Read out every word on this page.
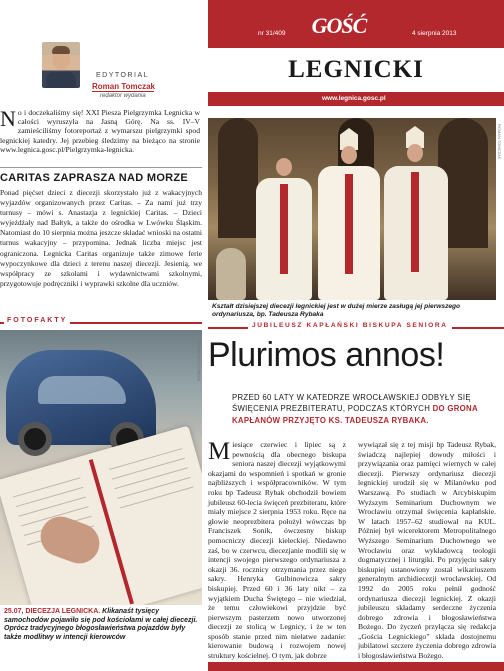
EDYTORIAL
Roman Tomczak
redaktor wydania
No i doczekaliśmy się! XXI Piesza Pielgrzymka Legnicka w całości wyruszyła na Jasną Górę. Na ss. IV–V zamieściliśmy fotoreportaż z wymarszu pielgrzymki spod legnickiej katedry. Jej przebieg śledzimy na bieżąco na stronie www.legnica.gosc.pl/Pielgrzymka-legnicka.
CARITAS ZAPRASZA NAD MORZE
Ponad pięćset dzieci z diecezji skorzystało już z wakacyjnych wyjazdów organizowanych przez Caritas. – Za nami już trzy turnusy – mówi s. Anastazja z legnickiej Caritas. – Dzieci wyjeżdżały nad Bałtyk, a także do ośrodka w Lwówku Śląskim. Natomiast do 10 sierpnia można jeszcze składać wnioski na ostatni turnus wakacyjny – przypomina. Jednak liczba miejsc jest ograniczona. Legnicka Caritas organizuje także zimowe ferie wypoczynkowe dla dzieci z terenu naszej diecezji. Jesienią, we współpracy ze szkołami i wydawnictwami szkolnymi, przygotowuje podręczniki i wyprawki szkolne dla uczniów.
FOTOFAKTY
ROMAN TOMCZAK (2)
25.07, DIECEZJA LEGNICKA. Klikanaśt tysięcy samochodów pojawiło się pod kościołami w całej diecezji. Oprócz tradycyjnego błogosławieństwa pojazdów były także modlitwy w intencji kierowców
nr 31/409 GOŚĆ	4 sierpnia 2013
LEGNICKI
www.legnica.gosc.pl
ROMAN TOMCZAK
Kształt dzisiejszej diecezji legnickiej jest w dużej mierze zasługą jej pierwszego ordynariusza, bp. Tadeusza Rybaka
JUBILEUSZ KAPŁAŃSKI BISKUPA SENIORA
Plurimos annos!
PRZED 60 LATY W KATEDRZE WROCŁAWSKIEJ ODBYŁY SIĘ ŚWIĘCENIA PREZBITERATU, PODCZAS KTÓRYCH DO GRONA KAPŁANÓW PRZYJĘTO KS. TADEUSZA RYBAKA.
Miesiące czerwiec i lipiec są z pewnością dla obecnego biskupa seniora naszej diecezji wyjątkowymi okazjami do wspomnień i spotkań w gronie najbliższych i współpracowników. W tym roku bp Tadeusz Rybak obchodził bowiem jubileusz 60-lecia święceń prezbiteratu, które miały miejsce 2 sierpnia 1953 roku. Ręce na głowie neoprezbitera położył wówczas bp Franciszek Sonik, ówczesny biskup pomocniczy diecezji kieleckiej. Niedawno zaś, bo w czerwcu, diecezjanie modlili się w intencji swojego pierwszego ordynariusza z okazji 36. rocznicy otrzymania przez niego sakry. Henryka Gulbinowicza sakry biskupiej. Przed 60 i 36 laty nikt – za wyjątkiem Ducha Świętego – nie wiedział, że temu człowiekowi przyjdzie być pierwszym pasterzem nowo utworzonej diecezji ze stolicą w Legnicy, i że w ten sposób stanie przed nim niełatwe zadanie: kierowanie budową i rozwojem nowej struktury kościelnej. O tym, jak dobrze
wywiązał się z tej misji bp Tadeusz Rybak, świadczą najlepiej dowody miłości i przywiązania oraz pamięci wiernych w całej diecezji. Pierwszy ordynariusz diecezji legnickiej urodził się w Milanówku pod Warszawą. Po studiach w Arcybiskupim Wyższym Seminarium Duchownym we Wrocławiu otrzymał święcenia kapłańskie. W latach 1957–62 studiował na KUL. Później był wicerektorem Metropolitalnego Wyższego Seminarium Duchownego we Wrocławiu oraz wykładowcą teologii dogmatycznej i liturgiki. Po przyjęciu sakry biskupiej ustanowiony został wikariuszem generalnym archidiecezji wrocławskiej. Od 1992 do 2005 roku pełnił godność ordynariusza diecezji legnickiej. Z okazji jubileuszu składamy serdeczne życzenia dobrego zdrowia i błogosławieństwa Bożego. Do życzeń przyłącza się redakcja „Gościa Legnickiego” składa dostojnemu jubilatowi szczere życzenia dobrego zdrowia i błogosławieństwa Bożego.
